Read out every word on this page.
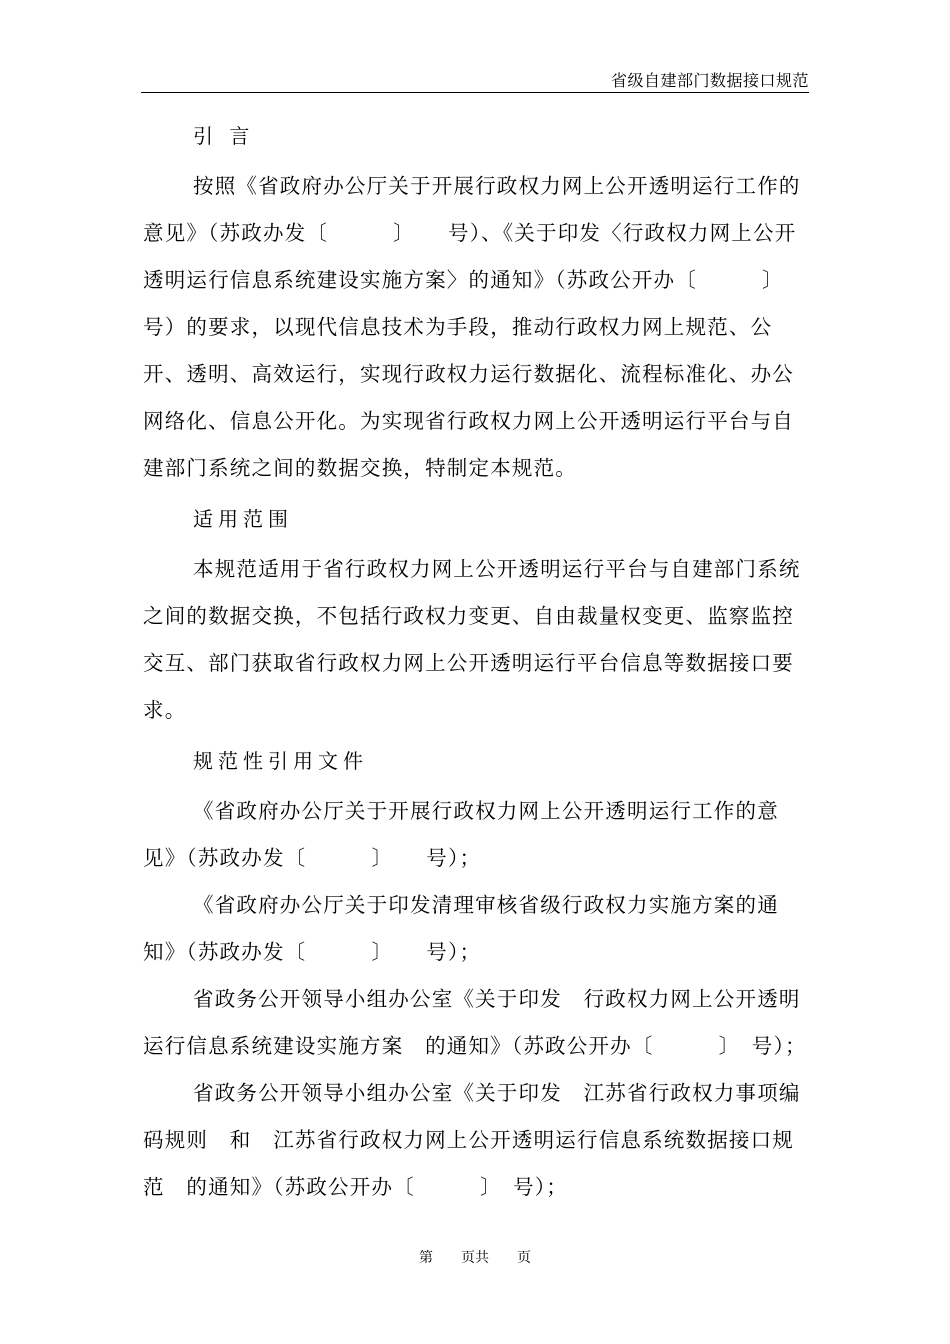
省级自建部门数据接口规范
引 言
按照《省政府办公厅关于开展行政权力网上公开透明运行工作的意见》（苏政办发〔　　　〕　　号）、《关于印发〈行政权力网上公开透明运行信息系统建设实施方案〉的通知》（苏政公开办〔　　　〕　号）的要求，以现代信息技术为手段，推动行政权力网上规范、公开、透明、高效运行，实现行政权力运行数据化、流程标准化、办公网络化、信息公开化。为实现省行政权力网上公开透明运行平台与自建部门系统之间的数据交换，特制定本规范。
适用范围
本规范适用于省行政权力网上公开透明运行平台与自建部门系统之间的数据交换，不包括行政权力变更、自由裁量权变更、监察监控交互、部门获取省行政权力网上公开透明运行平台信息等数据接口要求。
规范性引用文件
《省政府办公厅关于开展行政权力网上公开透明运行工作的意见》（苏政办发〔　　　〕　　号）；
《省政府办公厅关于印发清理审核省级行政权力实施方案的通知》（苏政办发〔　　　〕　　号）；
省政务公开领导小组办公室《关于印发　行政权力网上公开透明运行信息系统建设实施方案　的通知》（苏政公开办〔　　　〕　号）；
省政务公开领导小组办公室《关于印发　江苏省行政权力事项编码规则　和　江苏省行政权力网上公开透明运行信息系统数据接口规范　的通知》（苏政公开办〔　　　〕　号）；
第　　页共　　页
